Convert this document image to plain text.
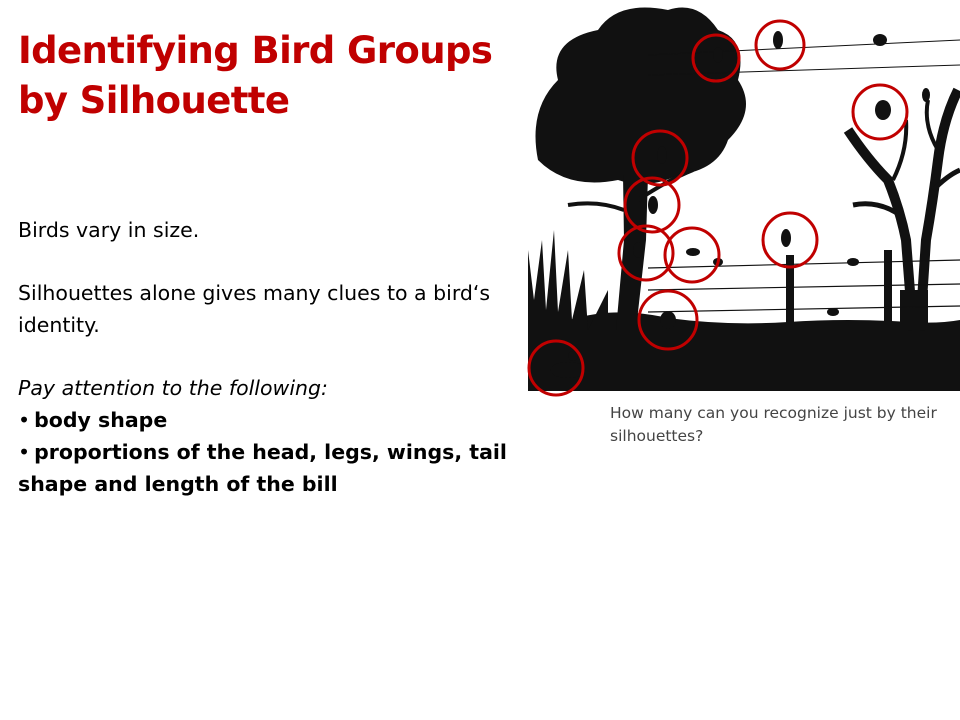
Identifying Bird Groups
by Silhouette

Birds vary in size.

Silhouettes alone gives many clues to a bird‘s identity.

Pay attention to the following:

• body shape

• proportions of the head, legs, wings, tail shape and length of the bill

How many can you recognize just by their silhouettes?
